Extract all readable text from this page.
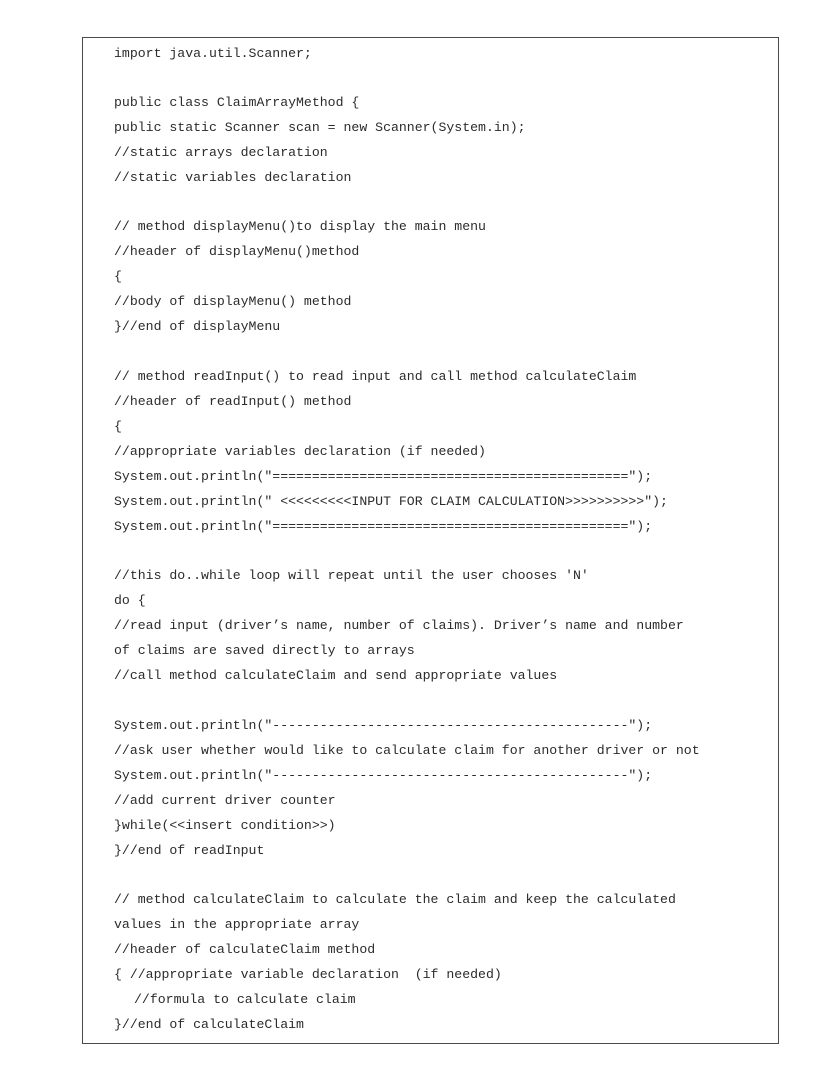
import java.util.Scanner;
public class ClaimArrayMethod {
public static Scanner scan = new Scanner(System.in);
//static arrays declaration
//static variables declaration
// method displayMenu()to display the main menu
//header of displayMenu()method
{
//body of displayMenu() method
}//end of displayMenu
// method readInput() to read input and call method calculateClaim
//header of readInput() method
{
//appropriate variables declaration (if needed)
System.out.println("=============================================");
System.out.println(" <<<<<<<<<INPUT FOR CLAIM CALCULATION>>>>>>>>>>");
System.out.println("=============================================");
//this do..while loop will repeat until the user chooses 'N'
do {
//read input (driver’s name, number of claims). Driver’s name and number
of claims are saved directly to arrays
//call method calculateClaim and send appropriate values
System.out.println("---------------------------------------------");
//ask user whether would like to calculate claim for another driver or not
System.out.println("---------------------------------------------");
//add current driver counter
}while(<<insert condition>>)
}//end of readInput
// method calculateClaim to calculate the claim and keep the calculated
values in the appropriate array
//header of calculateClaim method
{ //appropriate variable declaration  (if needed)
//formula to calculate claim
}//end of calculateClaim
